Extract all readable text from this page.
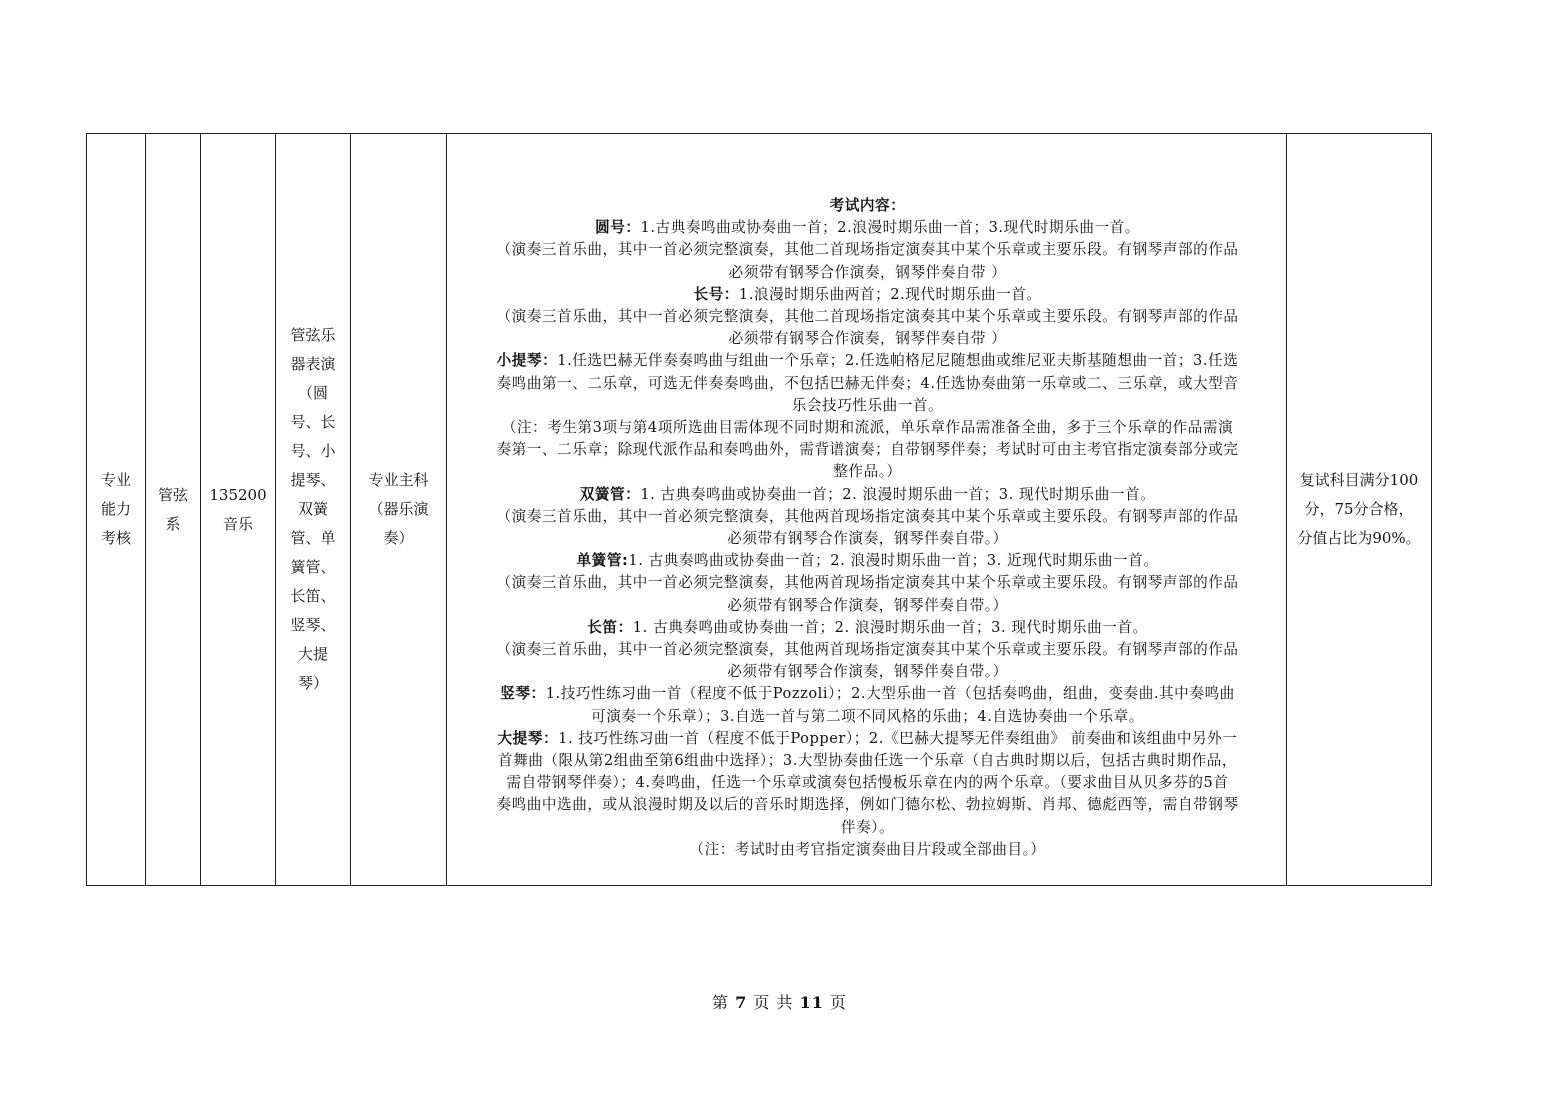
专业能力考核

管弦系

135200音乐

管弦乐器表演（圆号、长号、小提琴、双簧管、单簧管、长笛、竖琴、大提琴）

专业主科（器乐演奏）

考试内容：
圆号：1.古典奏鸣曲或协奏曲一首；2.浪漫时期乐曲一首；3.现代时期乐曲一首。
（演奏三首乐曲，其中一首必须完整演奏，其他二首现场指定演奏其中某个乐章或主要乐段。有钢琴声部的作品
必须带有钢琴合作演奏，钢琴伴奏自带 ）
长号：1.浪漫时期乐曲两首；2.现代时期乐曲一首。
（演奏三首乐曲，其中一首必须完整演奏，其他二首现场指定演奏其中某个乐章或主要乐段。有钢琴声部的作品
必须带有钢琴合作演奏，钢琴伴奏自带 ）
小提琴：1.任选巴赫无伴奏奏鸣曲与组曲一个乐章；2.任选帕格尼尼随想曲或维尼亚夫斯基随想曲一首；3.任选
奏鸣曲第一、二乐章，可选无伴奏奏鸣曲，不包括巴赫无伴奏；4.任选协奏曲第一乐章或二、三乐章，或大型音
乐会技巧性乐曲一首。
（注：考生第3项与第4项所选曲目需体现不同时期和流派，单乐章作品需准备全曲，多于三个乐章的作品需演
奏第一、二乐章；除现代派作品和奏鸣曲外，需背谱演奏；自带钢琴伴奏；考试时可由主考官指定演奏部分或完
整作品。）
双簧管：1. 古典奏鸣曲或协奏曲一首；2. 浪漫时期乐曲一首；3. 现代时期乐曲一首。
（演奏三首乐曲，其中一首必须完整演奏，其他两首现场指定演奏其中某个乐章或主要乐段。有钢琴声部的作品
必须带有钢琴合作演奏，钢琴伴奏自带。）
单簧管:1. 古典奏鸣曲或协奏曲一首；2. 浪漫时期乐曲一首；3. 近现代时期乐曲一首。
（演奏三首乐曲，其中一首必须完整演奏，其他两首现场指定演奏其中某个乐章或主要乐段。有钢琴声部的作品
必须带有钢琴合作演奏，钢琴伴奏自带。）
长笛：1. 古典奏鸣曲或协奏曲一首；2. 浪漫时期乐曲一首；3. 现代时期乐曲一首。
（演奏三首乐曲，其中一首必须完整演奏，其他两首现场指定演奏其中某个乐章或主要乐段。有钢琴声部的作品
必须带有钢琴合作演奏，钢琴伴奏自带。）
竖琴：1.技巧性练习曲一首（程度不低于Pozzoli）；2.大型乐曲一首（包括奏鸣曲，组曲，变奏曲.其中奏鸣曲
可演奏一个乐章）；3.自选一首与第二项不同风格的乐曲；4.自选协奏曲一个乐章。
大提琴：1. 技巧性练习曲一首（程度不低于Popper）；2.《巴赫大提琴无伴奏组曲》 前奏曲和该组曲中另外一
首舞曲（限从第2组曲至第6组曲中选择）；3.大型协奏曲任选一个乐章（自古典时期以后，包括古典时期作品，
需自带钢琴伴奏）；4.奏鸣曲，任选一个乐章或演奏包括慢板乐章在内的两个乐章。（要求曲目从贝多芬的5首
奏鸣曲中选曲，或从浪漫时期及以后的音乐时期选择，例如门德尔松、勃拉姆斯、肖邦、德彪西等，需自带钢琴
伴奏）。
（注：考试时由考官指定演奏曲目片段或全部曲目。）

复试科目满分100分，75分合格，分值占比为90%。
第 7 页 共 11 页
